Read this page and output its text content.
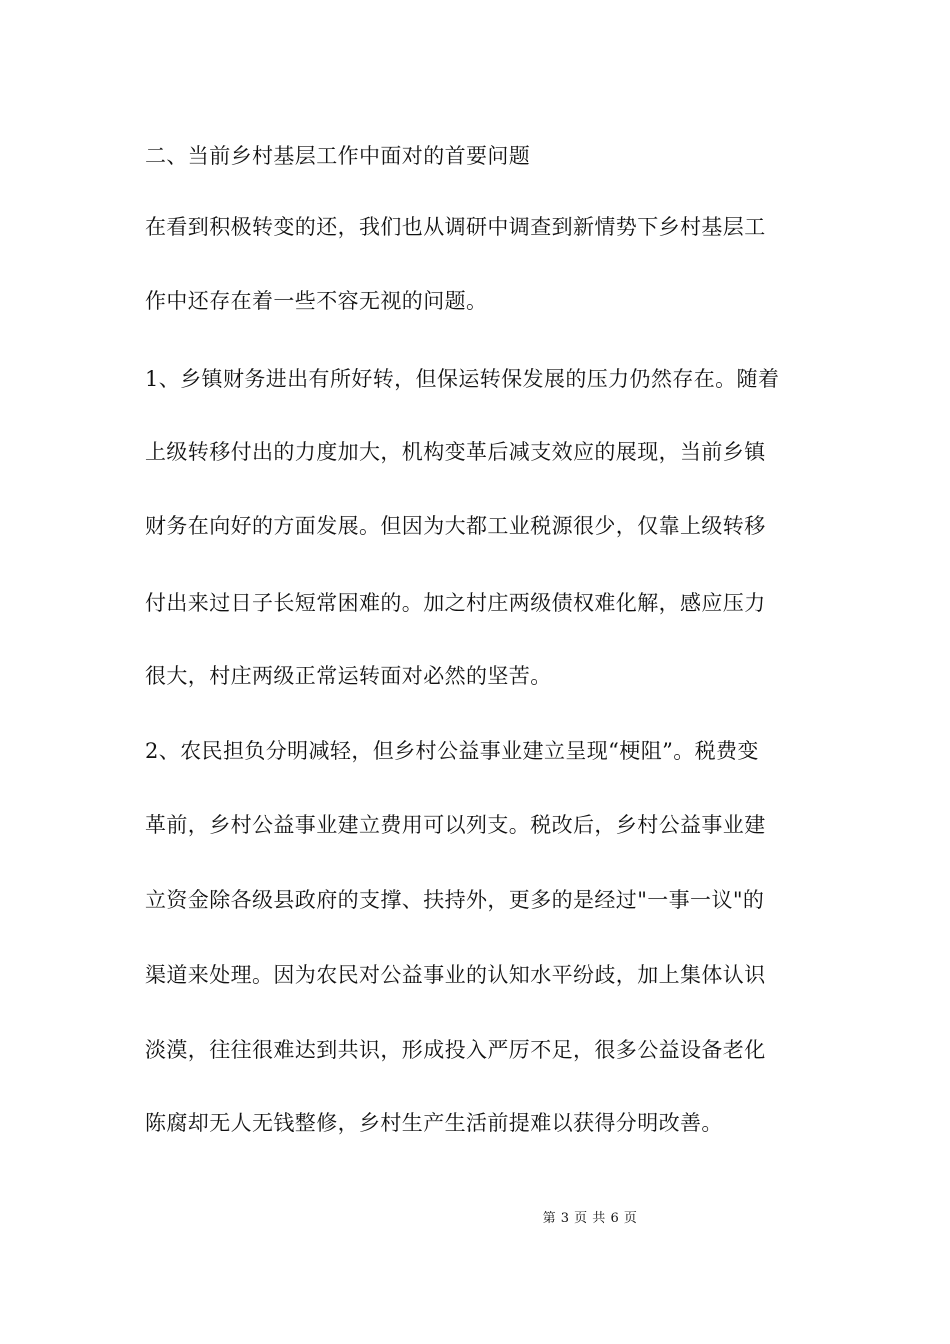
二、当前乡村基层工作中面对的首要问题
在看到积极转变的还，我们也从调研中调查到新情势下乡村基层工
作中还存在着一些不容无视的问题。
1、乡镇财务进出有所好转，但保运转保发展的压力仍然存在。随着
上级转移付出的力度加大，机构变革后减支效应的展现，当前乡镇
财务在向好的方面发展。但因为大都工业税源很少，仅靠上级转移
付出来过日子长短常困难的。加之村庄两级债权难化解，感应压力
很大，村庄两级正常运转面对必然的坚苦。
2、农民担负分明减轻，但乡村公益事业建立呈现“梗阻”。税费变
革前，乡村公益事业建立费用可以列支。税改后，乡村公益事业建
立资金除各级县政府的支撑、扶持外，更多的是经过"一事一议"的
渠道来处理。因为农民对公益事业的认知水平纷歧，加上集体认识
淡漠，往往很难达到共识，形成投入严厉不足，很多公益设备老化
陈腐却无人无钱整修，乡村生产生活前提难以获得分明改善。
第 3 页 共 6 页
